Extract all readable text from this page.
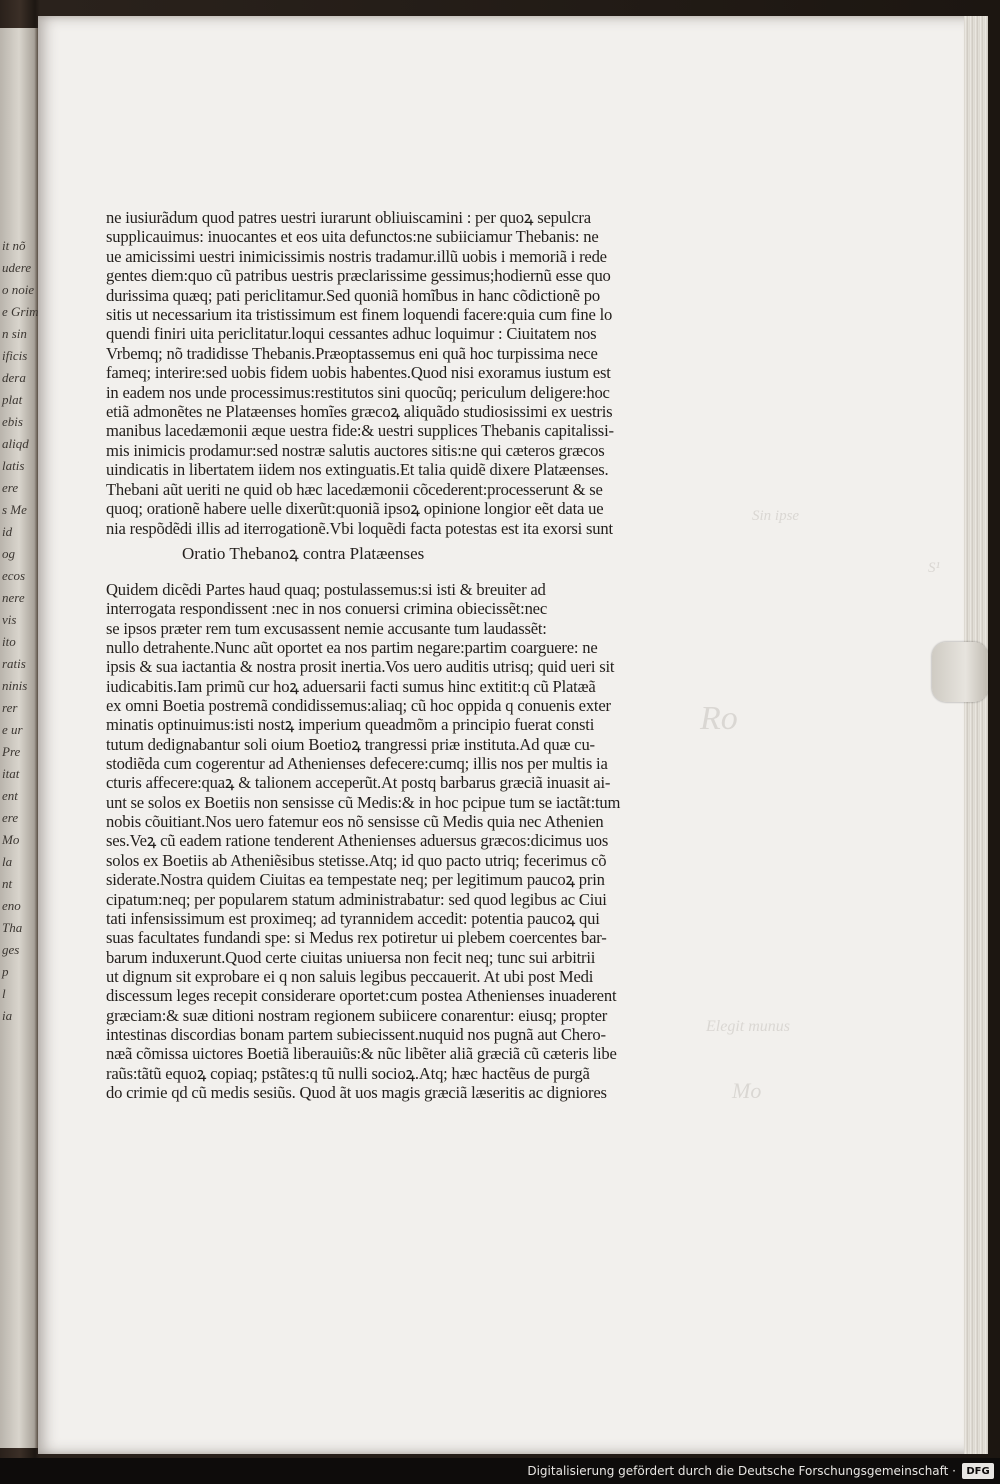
it nõ
udere
o noie
e Grim
n sin
ificis
dera
plat
ebis
aliqd
latis
ere
s Me
id
og
ecos
nere
vis
ito
ratis
ninis
rer
e ur
Pre
itat
ent
ere
Mo
la
nt
eno
Tha
ges
p
l
ia
Sin ipse
S¹
Ro
Mo
Elegit munus
ne iusiurãdum quod patres uestri iurarunt obliuiscamini : per quoꝝ sepulcra
supplicauimus: inuocantes et eos uita defunctos:ne subiiciamur Thebanis: ne
ue amicissimi uestri inimicissimis nostris tradamur.illũ uobis i memoriã i rede
gentes diem:quo cũ patribus uestris præclarissime gessimus;hodiernũ esse quo
durissima quæq; pati periclitamur.Sed quoniã homĩbus in hanc cõdictionẽ po
sitis ut necessarium ita tristissimum est finem loquendi facere:quia cum fine lo
quendi finiri uita periclitatur.loqui cessantes adhuc loquimur : Ciuitatem nos
Vrbemq; nõ tradidisse Thebanis.Præoptassemus eni quã hoc turpissima nece
fameq; interire:sed uobis fidem uobis habentes.Quod nisi exoramus iustum est
in eadem nos unde processimus:restitutos sini quocũq; periculum deligere:hoc
etiã admonẽtes ne Platæenses homĩes græcoꝝ aliquãdo studiosissimi ex uestris
manibus lacedæmonii æque uestra fide:& uestri supplices Thebanis capitalissi-
mis inimicis prodamur:sed nostræ salutis auctores sitis:ne qui cæteros græcos
uindicatis in libertatem iidem nos extinguatis.Et talia quidẽ dixere Platæenses.
Thebani aũt ueriti ne quid ob hæc lacedæmonii cõcederent:processerunt & se
quoq; orationẽ habere uelle dixerũt:quoniã ipsoꝝ opinione longior eẽt data ue
nia respõdẽdi illis ad iterrogationẽ.Vbi loquẽdi facta potestas est ita exorsi sunt
Oratio Thebanoꝝ contra Platæenses
Quidem dicẽdi Partes haud quaq; postulassemus:si isti & breuiter ad
interrogata respondissent :nec in nos conuersi crimina obiecissẽt:nec
se ipsos præter rem tum excusassent nemie accusante tum laudassẽt:
nullo detrahente.Nunc aũt oportet ea nos partim negare:partim coarguere: ne
ipsis & sua iactantia & nostra prosit inertia.Vos uero auditis utrisq; quid ueri sit
iudicabitis.Iam primũ cur hoꝝ aduersarii facti sumus hinc extitit:q cũ Platæã
ex omni Boetia postremã condidissemus:aliaq; cũ hoc oppida q conuenis exter
minatis optinuimus:isti nostꝝ imperium queadmõm a principio fuerat consti
tutum dedignabantur soli oium Boetioꝝ trangressi priæ instituta.Ad quæ cu-
stodiẽda cum cogerentur ad Athenienses defecere:cumq; illis nos per multis ia
cturis affecere:quaꝝ & talionem acceperũt.At postq barbarus græciã inuasit ai-
unt se solos ex Boetiis non sensisse cũ Medis:& in hoc pcipue tum se iactãt:tum
nobis cõuitiant.Nos uero fatemur eos nõ sensisse cũ Medis quia nec Athenien
ses.Veꝝ cũ eadem ratione tenderent Athenienses aduersus græcos:dicimus uos
solos ex Boetiis ab Atheniẽsibus stetisse.Atq; id quo pacto utriq; fecerimus cõ
siderate.Nostra quidem Ciuitas ea tempestate neq; per legitimum paucoꝝ prin
cipatum:neq; per popularem statum administrabatur: sed quod legibus ac Ciui
tati infensissimum est proximeq; ad tyrannidem accedit: potentia paucoꝝ qui
suas facultates fundandi spe: si Medus rex potiretur ui plebem coercentes bar-
barum induxerunt.Quod certe ciuitas uniuersa non fecit neq; tunc sui arbitrii
ut dignum sit exprobare ei q non saluis legibus peccauerit. At ubi post Medi
discessum leges recepit considerare oportet:cum postea Athenienses inuaderent
græciam:& suæ ditioni nostram regionem subiicere conarentur: eiusq; propter
intestinas discordias bonam partem subiecissent.nuquid nos pugnã aut Chero-
næã cõmissa uictores Boetiã liberauiũs:& nũc libẽter aliã græciã cũ cæteris libe
raũs:tãtũ equoꝝ copiaq; pstãtes:q tũ nulli socioꝝ.Atq; hæc hactẽus de purgã
do crimie qd cũ medis sesiũs. Quod ãt uos magis græciã læseritis ac digniores
Digitalisierung gefördert durch die Deutsche Forschungsgemeinschaft ·	DFG
